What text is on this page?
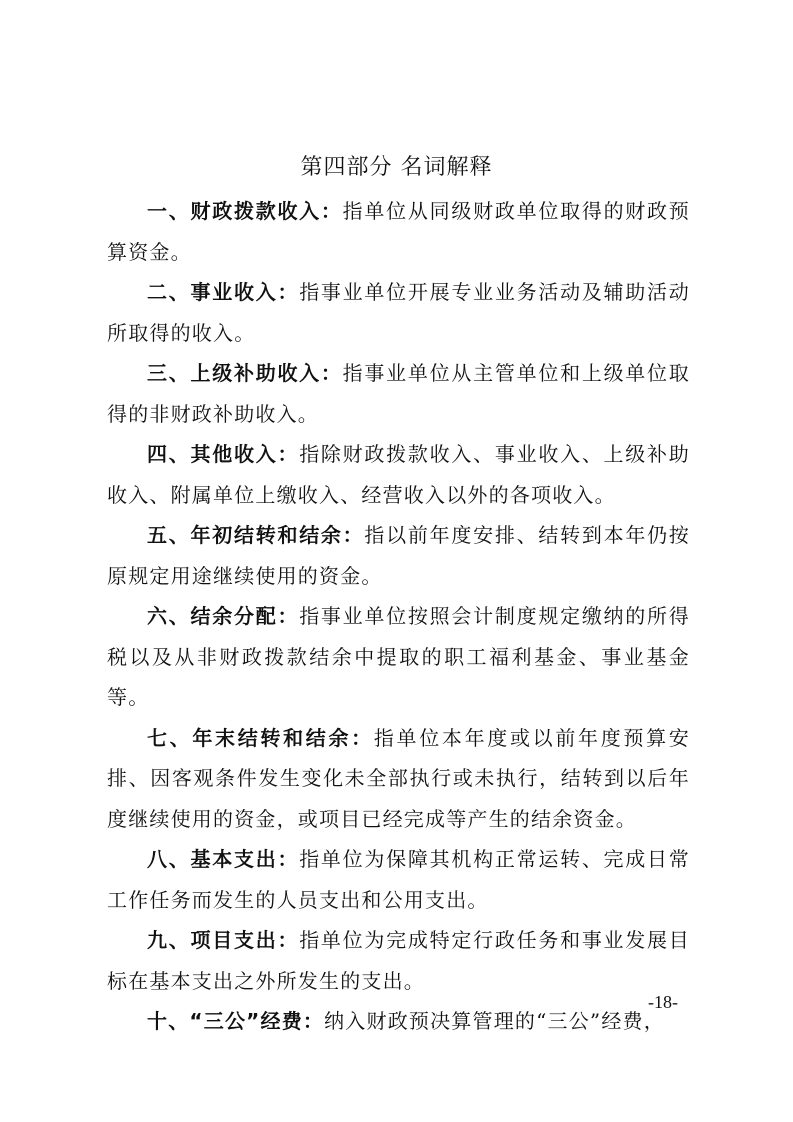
第四部分 名词解释

一、财政拨款收入：指单位从同级财政单位取得的财政预算资金。

二、事业收入：指事业单位开展专业业务活动及辅助活动所取得的收入。

三、上级补助收入：指事业单位从主管单位和上级单位取得的非财政补助收入。

四、其他收入：指除财政拨款收入、事业收入、上级补助收入、附属单位上缴收入、经营收入以外的各项收入。

五、年初结转和结余：指以前年度安排、结转到本年仍按原规定用途继续使用的资金。

六、结余分配：指事业单位按照会计制度规定缴纳的所得税以及从非财政拨款结余中提取的职工福利基金、事业基金等。

七、年末结转和结余：指单位本年度或以前年度预算安排、因客观条件发生变化未全部执行或未执行，结转到以后年度继续使用的资金，或项目已经完成等产生的结余资金。

八、基本支出：指单位为保障其机构正常运转、完成日常工作任务而发生的人员支出和公用支出。

九、项目支出：指单位为完成特定行政任务和事业发展目标在基本支出之外所发生的支出。

十、“三公”经费：纳入财政预决算管理的“三公”经费，

-18-
